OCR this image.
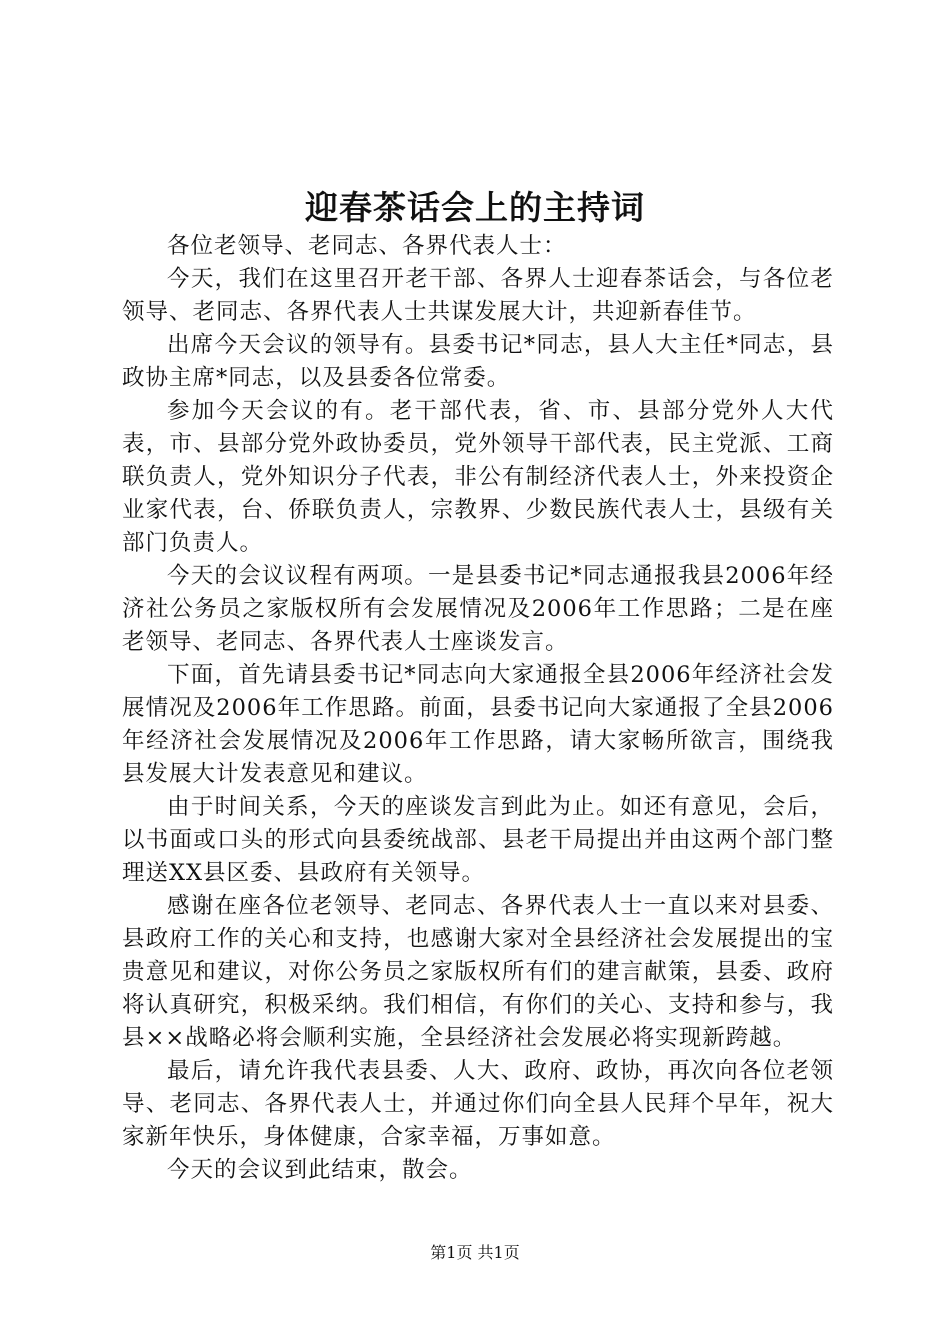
迎春茶话会上的主持词

各位老领导、老同志、各界代表人士：

今天，我们在这里召开老干部、各界人士迎春茶话会，与各位老领导、老同志、各界代表人士共谋发展大计，共迎新春佳节。

出席今天会议的领导有。县委书记*同志，县人大主任*同志，县政协主席*同志，以及县委各位常委。

参加今天会议的有。老干部代表，省、市、县部分党外人大代表，市、县部分党外政协委员，党外领导干部代表，民主党派、工商联负责人，党外知识分子代表，非公有制经济代表人士，外来投资企业家代表，台、侨联负责人，宗教界、少数民族代表人士，县级有关部门负责人。

今天的会议议程有两项。一是县委书记*同志通报我县2006年经济社公务员之家版权所有会发展情况及2006年工作思路；二是在座老领导、老同志、各界代表人士座谈发言。

下面，首先请县委书记*同志向大家通报全县2006年经济社会发展情况及2006年工作思路。前面，县委书记向大家通报了全县2006年经济社会发展情况及2006年工作思路，请大家畅所欲言，围绕我县发展大计发表意见和建议。

由于时间关系，今天的座谈发言到此为止。如还有意见，会后，以书面或口头的形式向县委统战部、县老干局提出并由这两个部门整理送XX县区委、县政府有关领导。

感谢在座各位老领导、老同志、各界代表人士一直以来对县委、县政府工作的关心和支持，也感谢大家对全县经济社会发展提出的宝贵意见和建议，对你公务员之家版权所有们的建言献策，县委、政府将认真研究，积极采纳。我们相信，有你们的关心、支持和参与，我县××战略必将会顺利实施，全县经济社会发展必将实现新跨越。

最后，请允许我代表县委、人大、政府、政协，再次向各位老领导、老同志、各界代表人士，并通过你们向全县人民拜个早年，祝大家新年快乐，身体健康，合家幸福，万事如意。

今天的会议到此结束，散会。

第1页 共1页
